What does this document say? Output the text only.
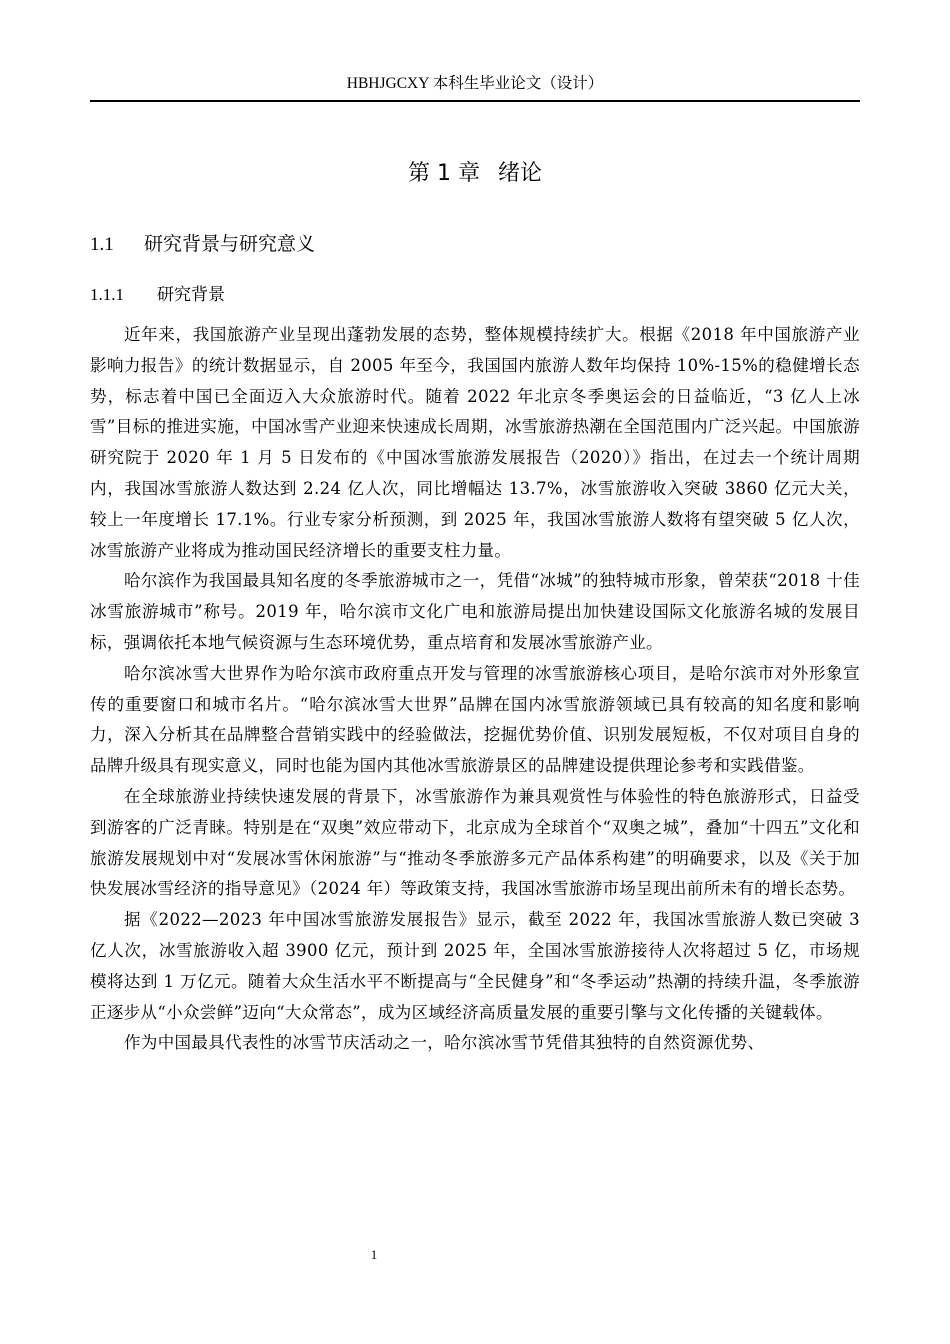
HBHJGCXY 本科生毕业论文（设计）
第 1 章 绪论
1.1 研究背景与研究意义
1.1.1 研究背景

近年来，我国旅游产业呈现出蓬勃发展的态势，整体规模持续扩大。根据《2018 年中国旅游产业影响力报告》的统计数据显示，自 2005 年至今，我国国内旅游人数年均保持 10%-15%的稳健增长态势，标志着中国已全面迈入大众旅游时代。随着 2022 年北京冬季奥运会的日益临近，“3 亿人上冰雪”目标的推进实施，中国冰雪产业迎来快速成长周期，冰雪旅游热潮在全国范围内广泛兴起。中国旅游研究院于 2020 年 1 月 5 日发布的《中国冰雪旅游发展报告（2020）》指出，在过去一个统计周期内，我国冰雪旅游人数达到 2.24 亿人次，同比增幅达 13.7%，冰雪旅游收入突破 3860 亿元大关，较上一年度增长 17.1%。行业专家分析预测，到 2025 年，我国冰雪旅游人数将有望突破 5 亿人次，冰雪旅游产业将成为推动国民经济增长的重要支柱力量。

哈尔滨作为我国最具知名度的冬季旅游城市之一，凭借“冰城”的独特城市形象，曾荣获“2018 十佳冰雪旅游城市”称号。2019 年，哈尔滨市文化广电和旅游局提出加快建设国际文化旅游名城的发展目标，强调依托本地气候资源与生态环境优势，重点培育和发展冰雪旅游产业。

哈尔滨冰雪大世界作为哈尔滨市政府重点开发与管理的冰雪旅游核心项目，是哈尔滨市对外形象宣传的重要窗口和城市名片。“哈尔滨冰雪大世界”品牌在国内冰雪旅游领域已具有较高的知名度和影响力，深入分析其在品牌整合营销实践中的经验做法，挖掘优势价值、识别发展短板，不仅对项目自身的品牌升级具有现实意义，同时也能为国内其他冰雪旅游景区的品牌建设提供理论参考和实践借鉴。

在全球旅游业持续快速发展的背景下，冰雪旅游作为兼具观赏性与体验性的特色旅游形式，日益受到游客的广泛青睐。特别是在“双奥”效应带动下，北京成为全球首个“双奥之城”，叠加“十四五”文化和旅游发展规划中对“发展冰雪休闲旅游”与“推动冬季旅游多元产品体系构建”的明确要求，以及《关于加快发展冰雪经济的指导意见》（2024 年）等政策支持，我国冰雪旅游市场呈现出前所未有的增长态势。

据《2022—2023 年中国冰雪旅游发展报告》显示，截至 2022 年，我国冰雪旅游人数已突破 3 亿人次，冰雪旅游收入超 3900 亿元，预计到 2025 年，全国冰雪旅游接待人次将超过 5 亿，市场规模将达到 1 万亿元。随着大众生活水平不断提高与“全民健身”和“冬季运动”热潮的持续升温，冬季旅游正逐步从“小众尝鲜”迈向“大众常态”，成为区域经济高质量发展的重要引擎与文化传播的关键载体。

作为中国最具代表性的冰雪节庆活动之一，哈尔滨冰雪节凭借其独特的自然资源优势、

1
